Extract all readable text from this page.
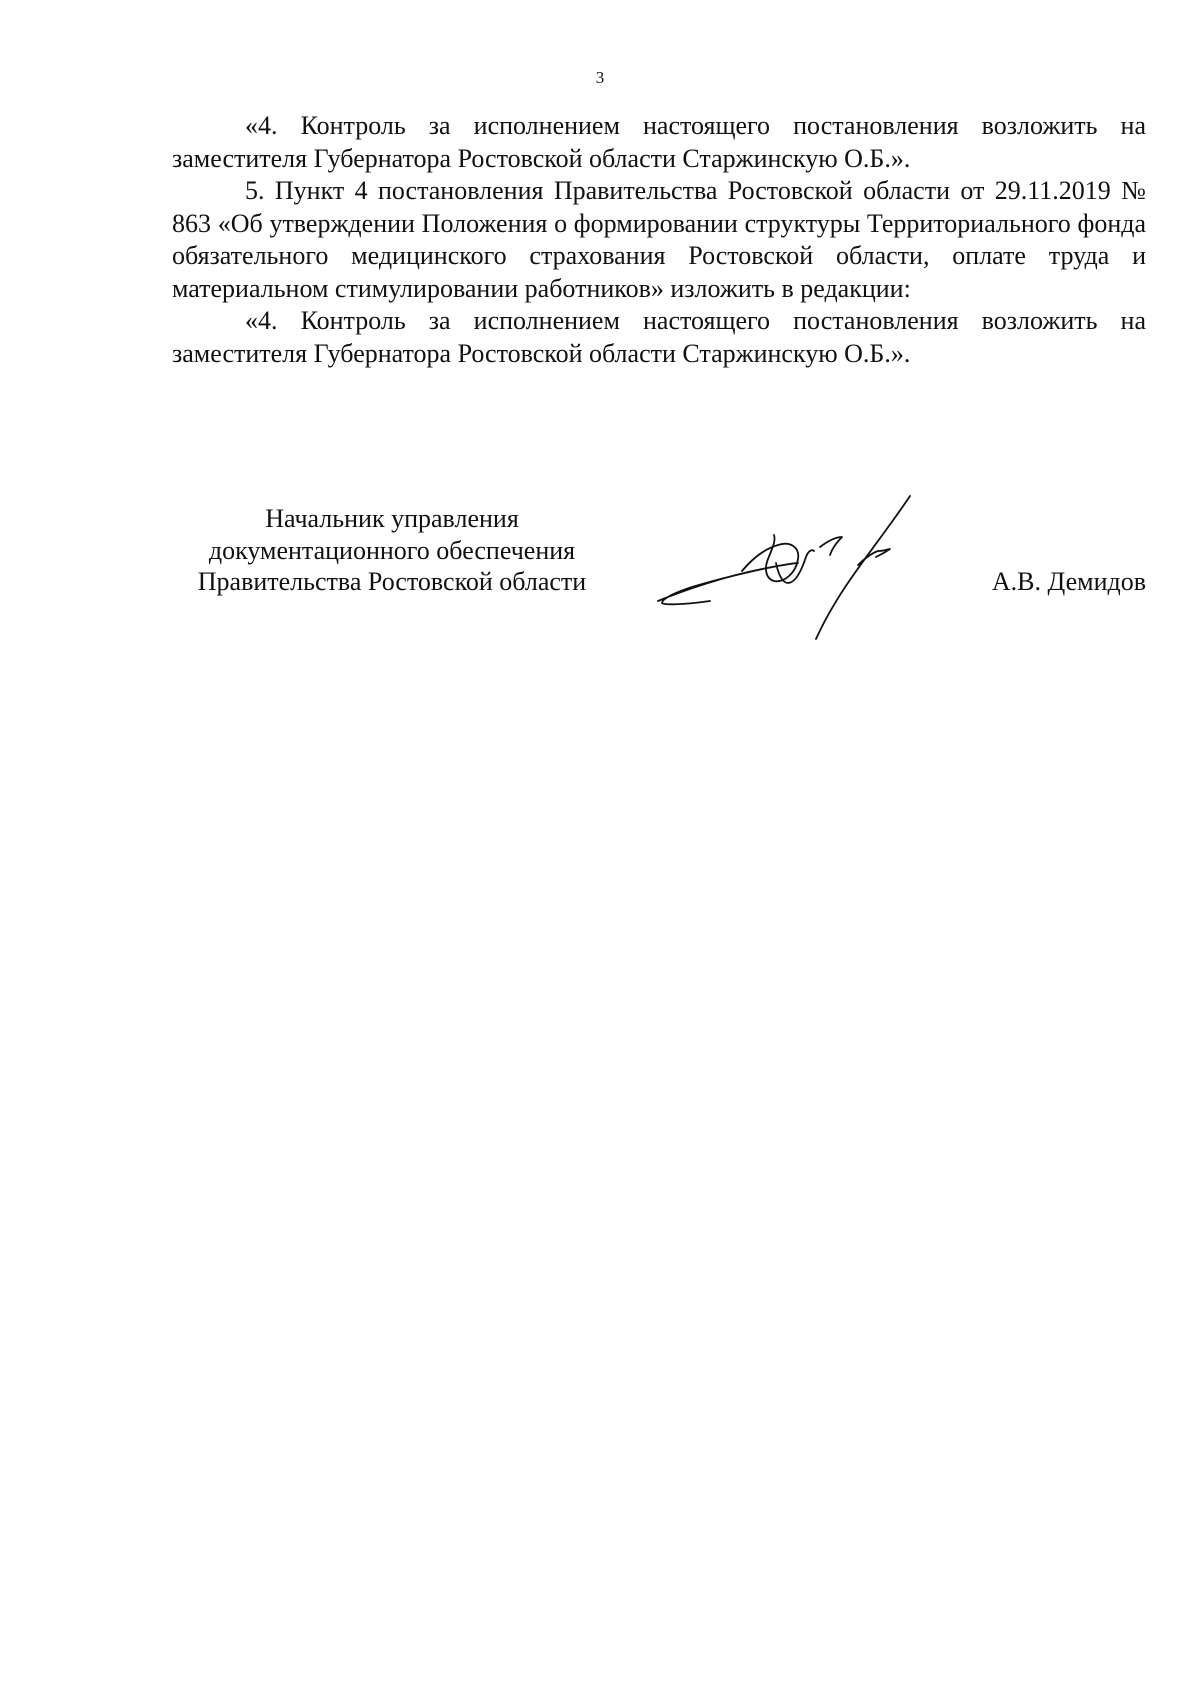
3

«4. Контроль за исполнением настоящего постановления возложить на заместителя Губернатора Ростовской области Старжинскую О.Б.».

5. Пункт 4 постановления Правительства Ростовской области от 29.11.2019 № 863 «Об утверждении Положения о формировании структуры Территориального фонда обязательного медицинского страхования Ростовской области, оплате труда и материальном стимулировании работников» изложить в редакции:

«4. Контроль за исполнением настоящего постановления возложить на заместителя Губернатора Ростовской области Старжинскую О.Б.».

Начальник управления
документационного обеспечения
Правительства Ростовской области	А.В. Демидов
